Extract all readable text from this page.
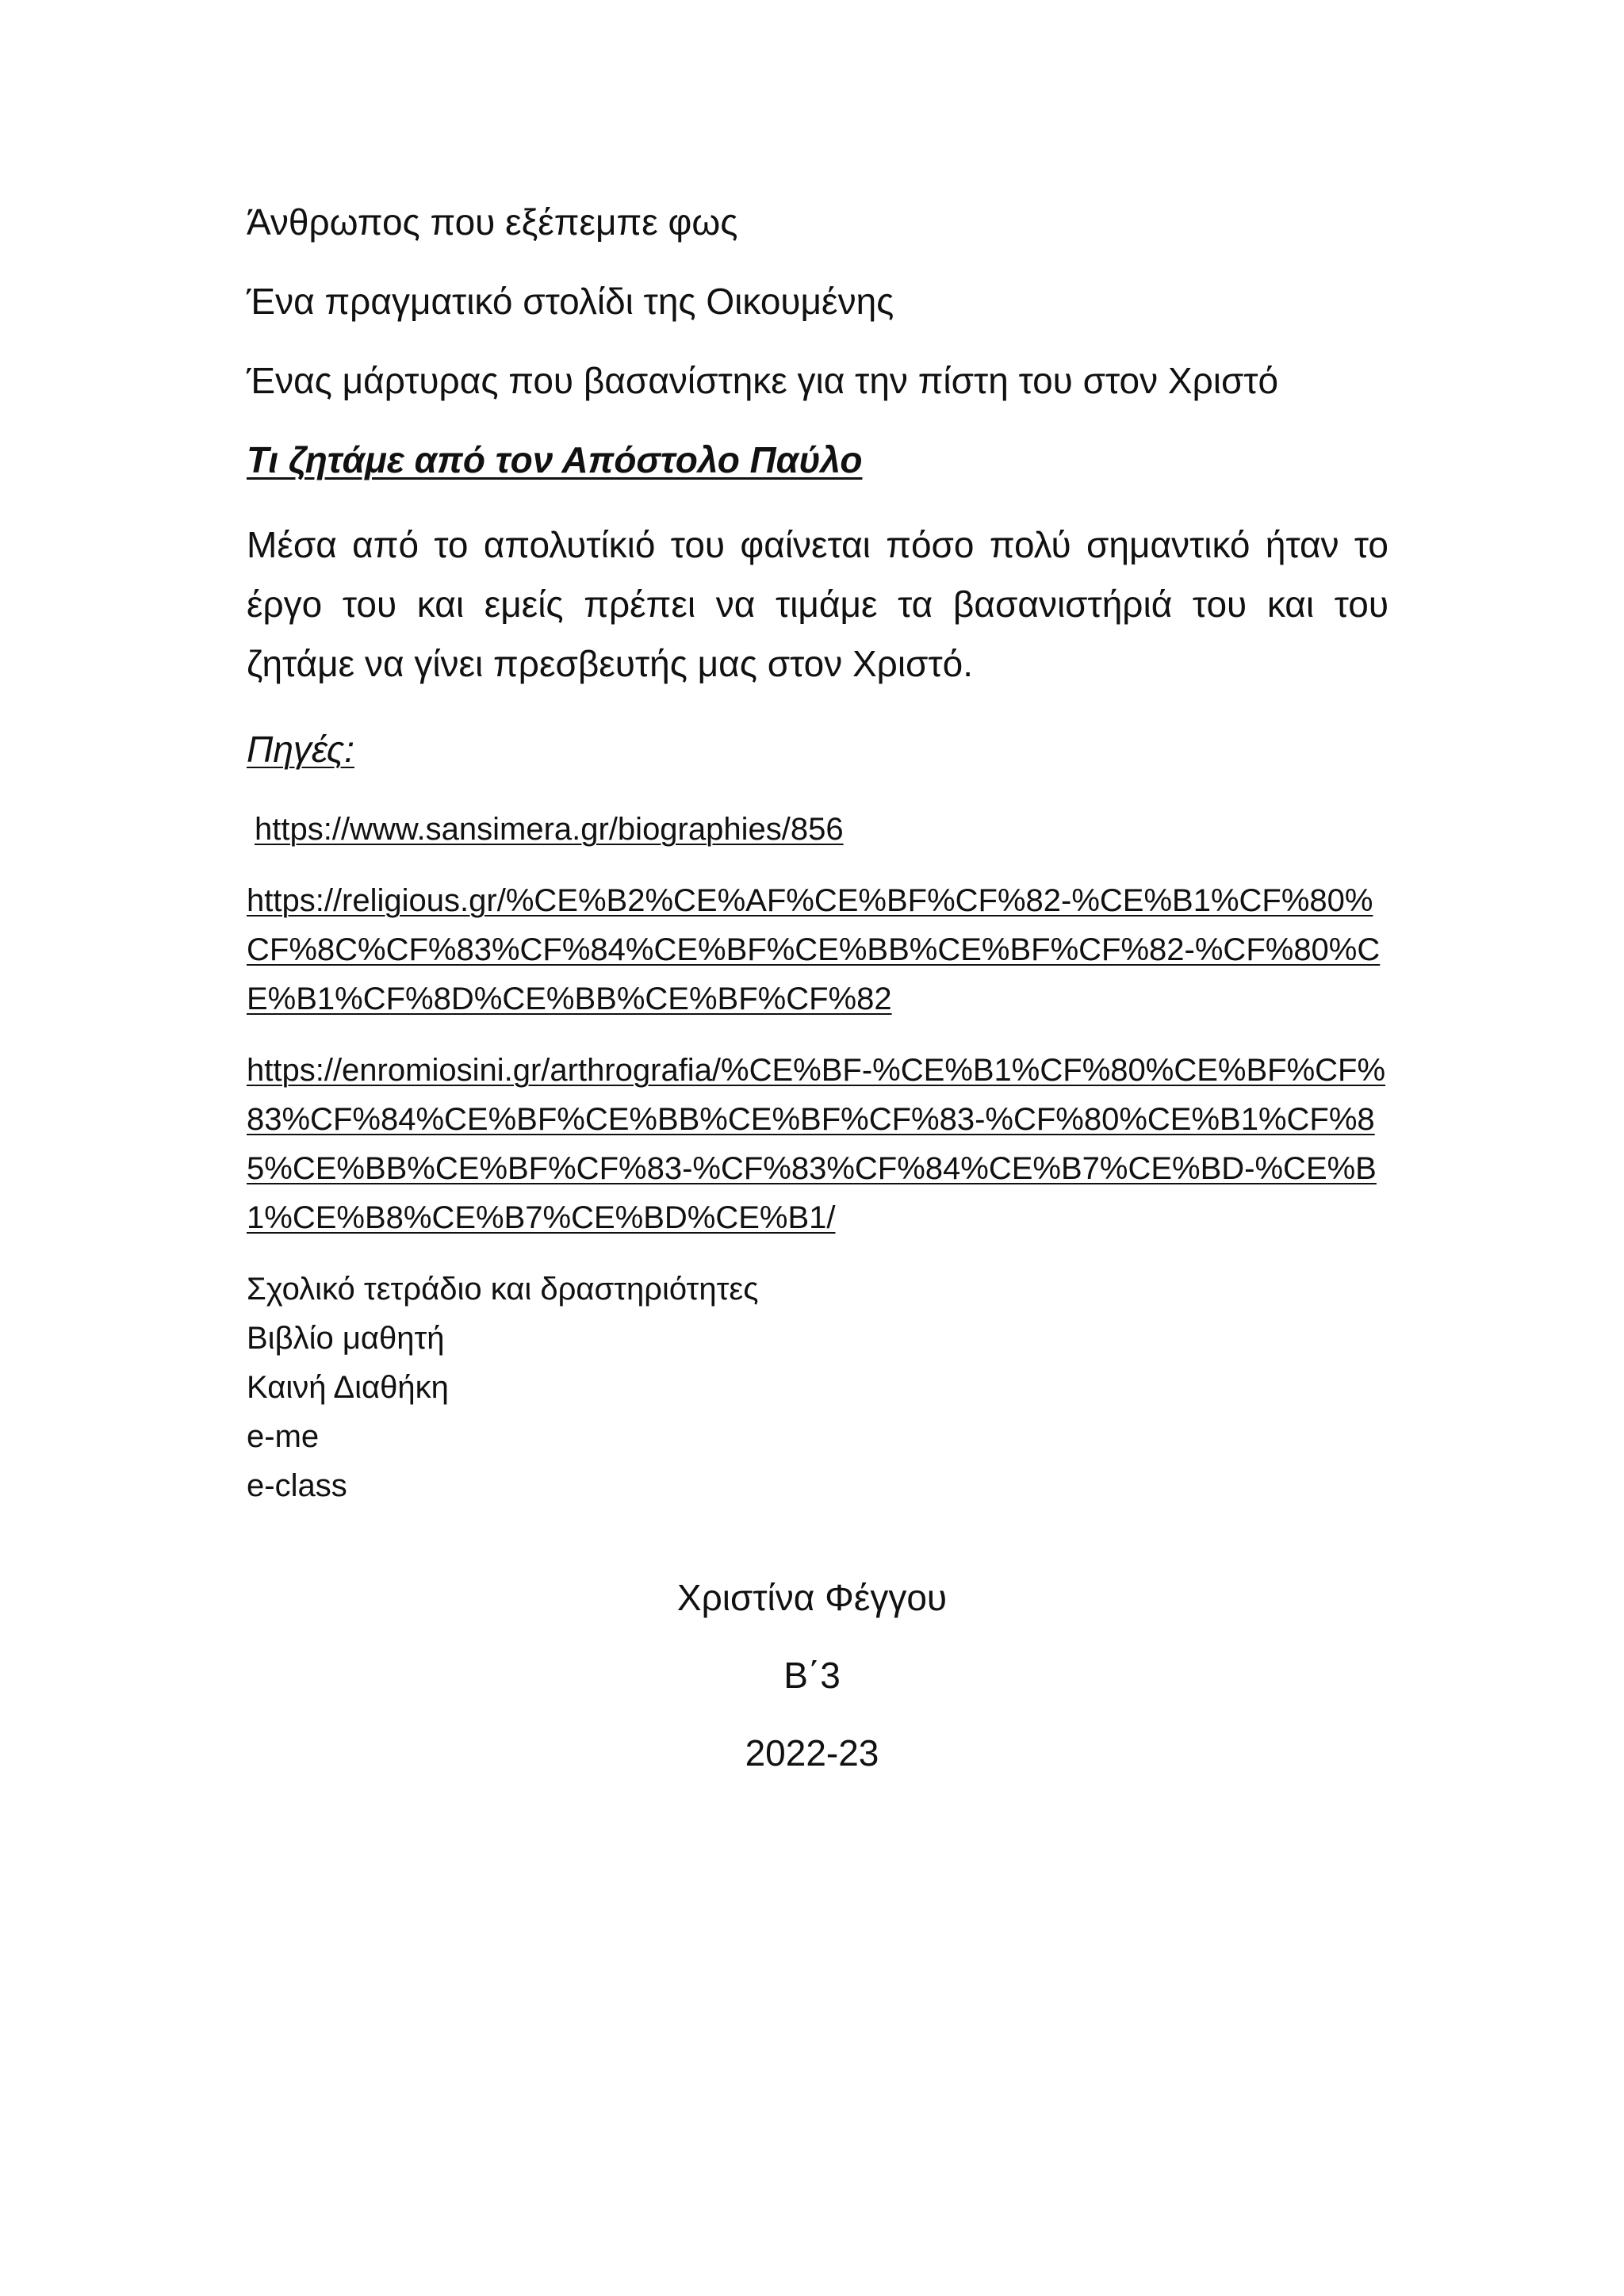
Άνθρωπος που εξέπεμπε φως
Ένα πραγματικό στολίδι της Οικουμένης
Ένας μάρτυρας που βασανίστηκε για την πίστη του στον Χριστό
Τι ζητάμε από τον Απόστολο Παύλο
Μέσα από το απολυτίκιό του φαίνεται πόσο πολύ σημαντικό ήταν το έργο του και εμείς πρέπει να τιμάμε τα βασανιστήριά του και του ζητάμε να γίνει πρεσβευτής μας στον Χριστό.
Πηγές:
https://www.sansimera.gr/biographies/856
https://religious.gr/%CE%B2%CE%AF%CE%BF%CF%82-%CE%B1%CF%80%CF%8C%CF%83%CF%84%CE%BF%CE%BB%CE%BF%CF%82-%CF%80%CE%B1%CF%8D%CE%BB%CE%BF%CF%82
https://enromiosini.gr/arthrografia/%CE%BF-%CE%B1%CF%80%CE%BF%CF%83%CF%84%CE%BF%CE%BB%CE%BF%CF%83-%CF%80%CE%B1%CF%85%CE%BB%CE%BF%CF%83-%CF%83%CF%84%CE%B7%CE%BD-%CE%B1%CE%B8%CE%B7%CE%BD%CE%B1/
Σχολικό τετράδιο και δραστηριότητες
Βιβλίο μαθητή
Καινή Διαθήκη
e-me
e-class
Χριστίνα Φέγγου
Β΄3
2022-23
